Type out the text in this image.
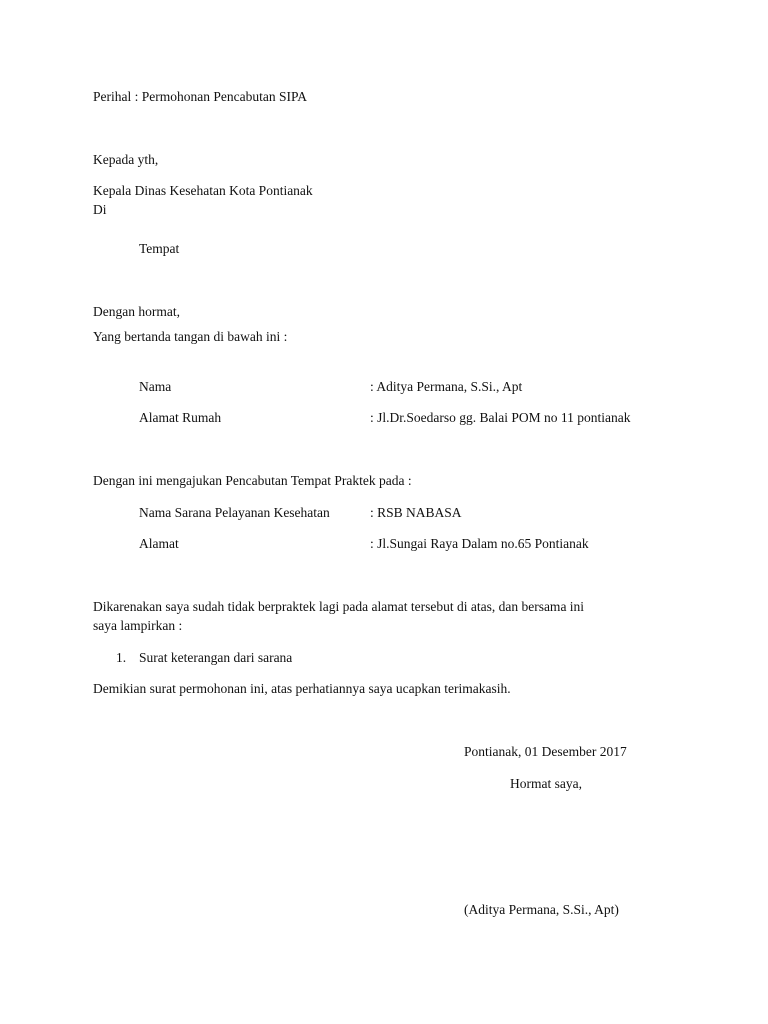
Perihal : Permohonan Pencabutan SIPA
Kepada yth,
Kepala Dinas Kesehatan Kota Pontianak
Di
Tempat
Dengan hormat,
Yang bertanda tangan di bawah ini :
Nama	: Aditya Permana, S.Si., Apt
Alamat Rumah	: Jl.Dr.Soedarso gg. Balai POM no 11 pontianak
Dengan ini mengajukan Pencabutan Tempat Praktek pada :
Nama Sarana Pelayanan Kesehatan	: RSB NABASA
Alamat	: Jl.Sungai Raya Dalam no.65 Pontianak
Dikarenakan saya sudah tidak berpraktek lagi pada alamat tersebut di atas, dan bersama ini
saya lampirkan :
1. Surat keterangan dari sarana
Demikian surat permohonan ini, atas perhatiannya saya ucapkan terimakasih.
Pontianak, 01 Desember 2017
Hormat saya,
(Aditya Permana, S.Si., Apt)
